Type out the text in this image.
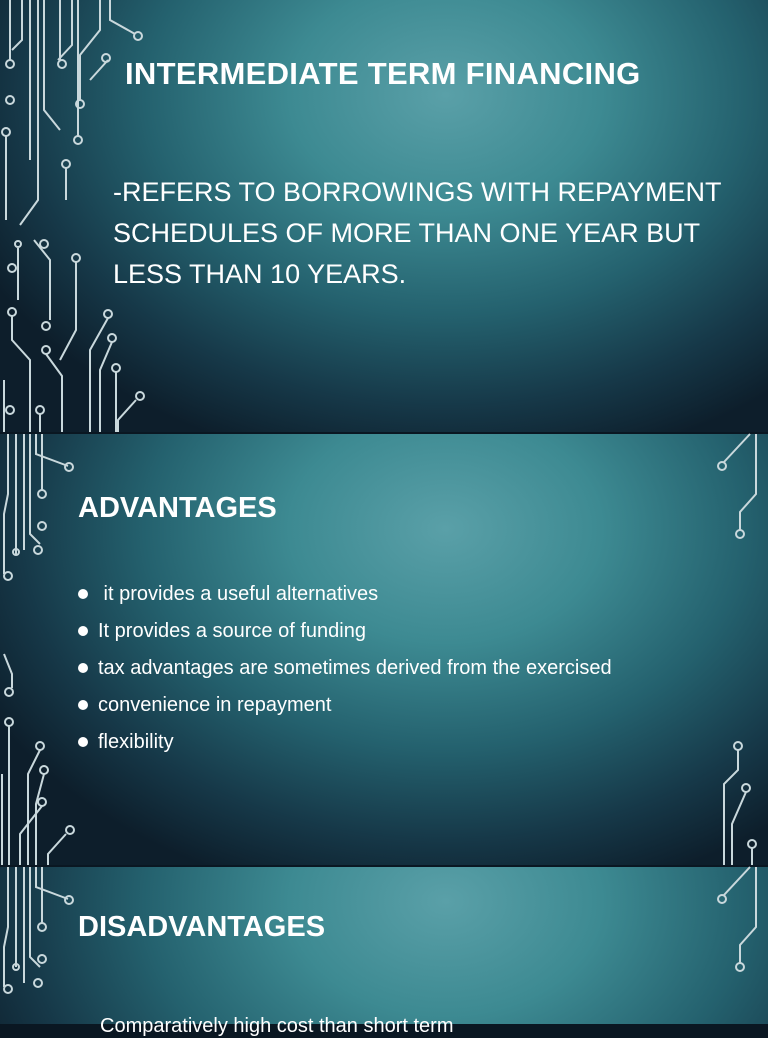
INTERMEDIATE TERM FINANCING

-REFERS TO BORROWINGS WITH REPAYMENT SCHEDULES OF MORE THAN ONE YEAR BUT LESS THAN 10 YEARS.

ADVANTAGES
it provides a useful alternatives
It provides a source of funding
tax advantages are sometimes derived from the exercised
convenience in repayment
flexibility
DISADVANTAGES
Comparatively high cost than short term
